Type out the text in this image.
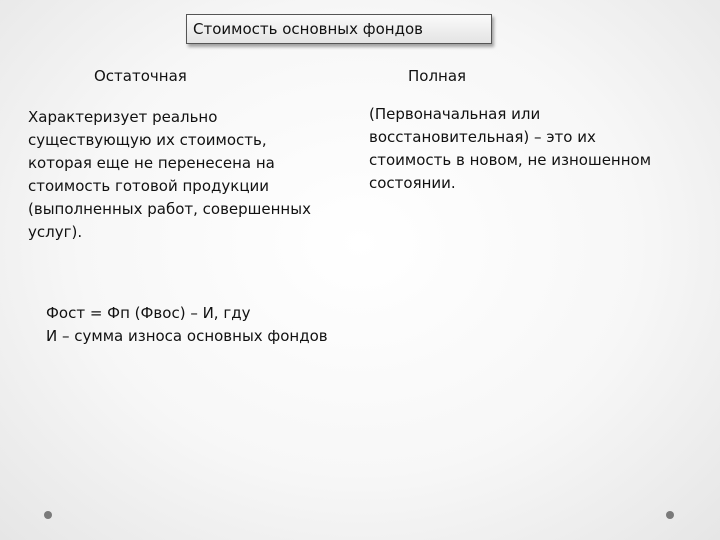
Стоимость основных фондов
Остаточная	Полная
Характеризует реально существующую их стоимость, которая еще не перенесена на стоимость готовой продукции (выполненных работ, совершенных услуг).
(Первоначальная или восстановительная) – это их стоимость в новом, не изношенном состоянии.
Фост = Фп (Фвос) – И, гду
И – сумма износа основных фондов
